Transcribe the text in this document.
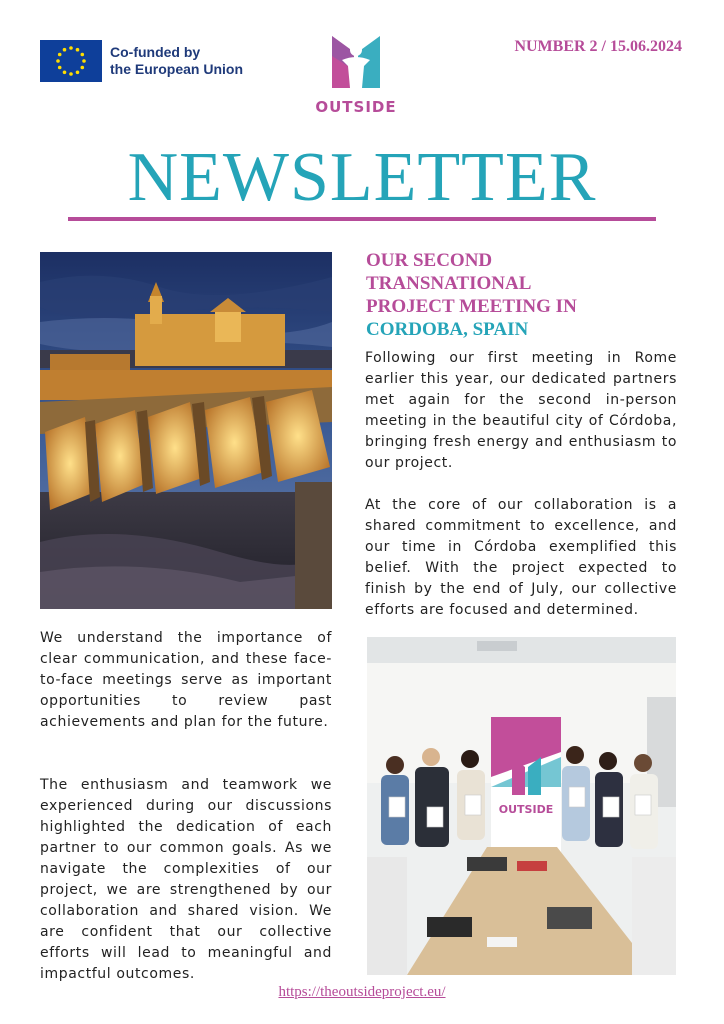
Co-funded by
the European Union
OUTSIDE
NUMBER 2 / 15.06.2024
NEWSLETTER
OUR SECOND
TRANSNATIONAL
PROJECT MEETING IN
CORDOBA, SPAIN

Following our first meeting in Rome earlier this year, our dedicated partners met again for the second in-person meeting in the beautiful city of Córdoba, bringing fresh energy and enthusiasm to our project.

At the core of our collaboration is a shared commitment to excellence, and our time in Córdoba exemplified this belief. With the project expected to finish by the end of July, our collective efforts are focused and determined.

We understand the importance of clear communication, and these face-to-face meetings serve as important opportunities to review past achievements and plan for the future.

The enthusiasm and teamwork we experienced during our discussions highlighted the dedication of each partner to our common goals. As we navigate the complexities of our project, we are strengthened by our collaboration and shared vision. We are confident that our collective efforts will lead to meaningful and impactful outcomes.

OUTSIDE
https://theoutsideproject.eu/
